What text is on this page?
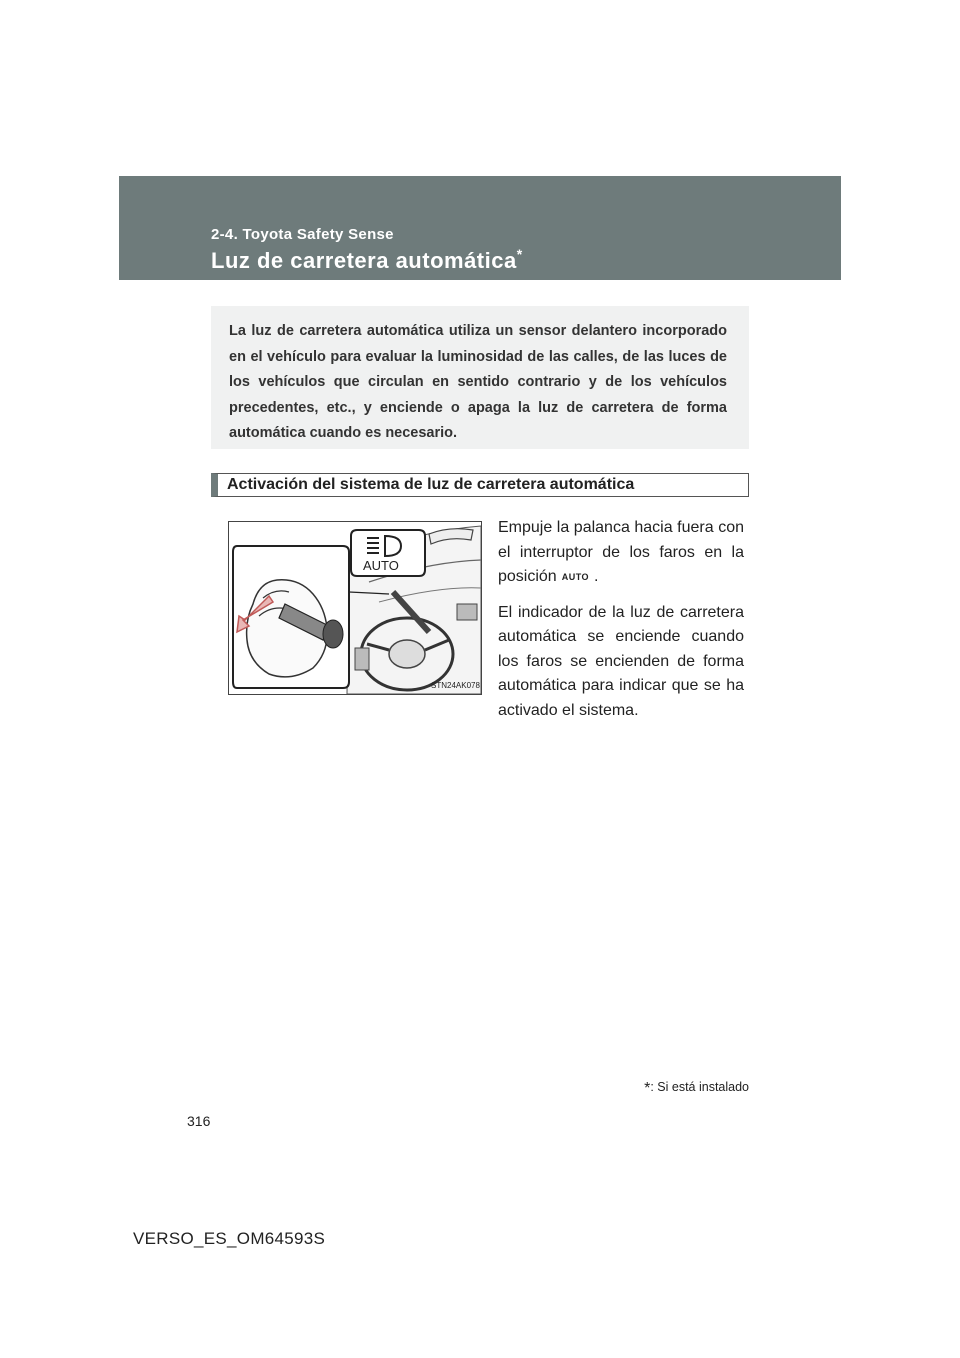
2-4. Toyota Safety Sense
Luz de carretera automática*
La luz de carretera automática utiliza un sensor delantero incorporado en el vehículo para evaluar la luminosidad de las calles, de las luces de los vehículos que circulan en sentido contrario y de los vehículos precedentes, etc., y enciende o apaga la luz de carretera de forma automática cuando es necesario.
Activación del sistema de luz de carretera automática
AUTO
STN24AK078

Empuje la palanca hacia fuera con el interruptor de los faros en la posición AUTO .

El indicador de la luz de carretera automática se enciende cuando los faros se encienden de forma automática para indicar que se ha activado el sistema.

*: Si está instalado
316
VERSO_ES_OM64593S
